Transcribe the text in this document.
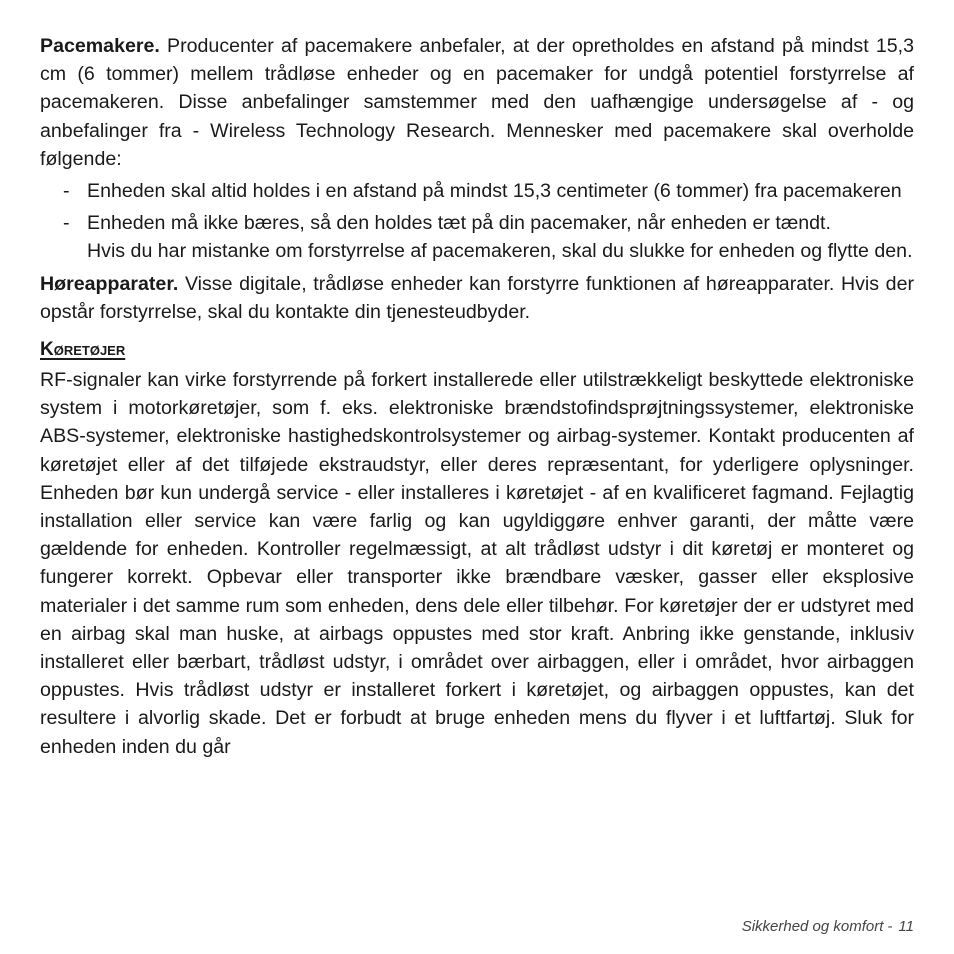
Pacemakere. Producenter af pacemakere anbefaler, at der opretholdes en afstand på mindst 15,3 cm (6 tommer) mellem trådløse enheder og en pacemaker for undgå potentiel forstyrrelse af pacemakeren. Disse anbefalinger samstemmer med den uafhængige undersøgelse af - og anbefalinger fra - Wireless Technology Research. Mennesker med pacemakere skal overholde følgende:

- Enheden skal altid holdes i en afstand på mindst 15,3 centimeter (6 tommer) fra pacemakeren
- Enheden må ikke bæres, så den holdes tæt på din pacemaker, når enheden er tændt.
Hvis du har mistanke om forstyrrelse af pacemakeren, skal du slukke for enheden og flytte den.

Høreapparater. Visse digitale, trådløse enheder kan forstyrre funktionen af høreapparater. Hvis der opstår forstyrrelse, skal du kontakte din tjenesteudbyder.

Køretøjer

RF-signaler kan virke forstyrrende på forkert installerede eller utilstrækkeligt beskyttede elektroniske system i motorkøretøjer, som f. eks. elektroniske brændstofindsprøjtningssystemer, elektroniske ABS-systemer, elektroniske hastighedskontrolsystemer og airbag-systemer. Kontakt producenten af køretøjet eller af det tilføjede ekstraudstyr, eller deres repræsentant, for yderligere oplysninger. Enheden bør kun undergå service - eller installeres i køretøjet - af en kvalificeret fagmand. Fejlagtig installation eller service kan være farlig og kan ugyldiggøre enhver garanti, der måtte være gældende for enheden. Kontroller regelmæssigt, at alt trådløst udstyr i dit køretøj er monteret og fungerer korrekt. Opbevar eller transporter ikke brændbare væsker, gasser eller eksplosive materialer i det samme rum som enheden, dens dele eller tilbehør. For køretøjer der er udstyret med en airbag skal man huske, at airbags oppustes med stor kraft. Anbring ikke genstande, inklusiv installeret eller bærbart, trådløst udstyr, i området over airbaggen, eller i området, hvor airbaggen oppustes. Hvis trådløst udstyr er installeret forkert i køretøjet, og airbaggen oppustes, kan det resultere i alvorlig skade. Det er forbudt at bruge enheden mens du flyver i et luftfartøj. Sluk for enheden inden du går

Sikkerhed og komfort - 11
